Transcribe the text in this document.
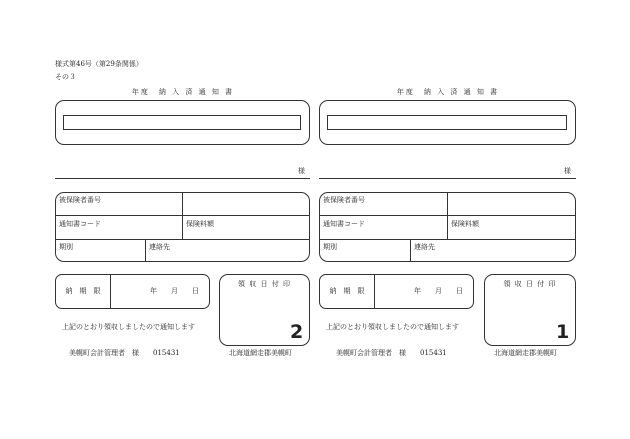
様式第46号（第29条関係）
その３
年度　納 入 済 通 知 書
様
被保険者番号
通知書コード	保険料額
期別	連絡先
納　期　限	年　　月　　日
領 収 日 付 印
2
上記のとおり領収しましたので通知します
美幌町会計管理者　様　　015431	北海道網走郡美幌町
年度　納 入 済 通 知 書
様
被保険者番号
通知書コード	保険料額
期別	連絡先
納　期　限	年　　月　　日
領 収 日 付 印
1
上記のとおり領収しましたので通知します
美幌町会計管理者　様　　015431	北海道網走郡美幌町
